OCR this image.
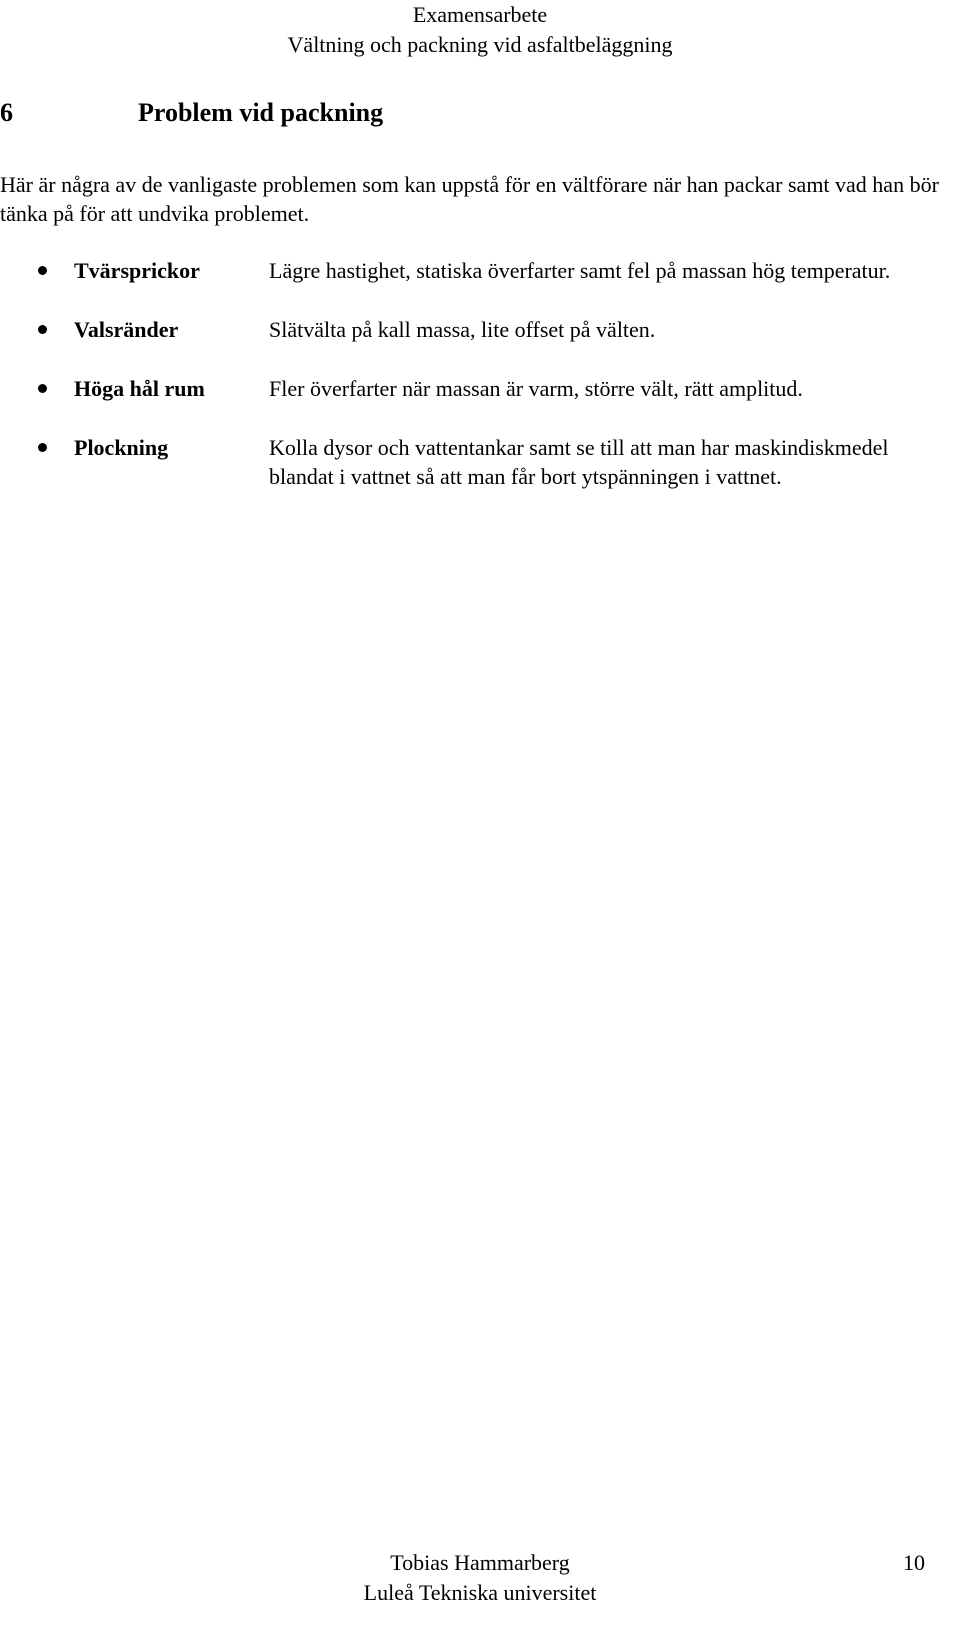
Examensarbete
Vältning och packning vid asfaltbeläggning
6	Problem vid packning

Här är några av de vanligaste problemen som kan uppstå för en vältförare när han packar samt vad han bör tänka på för att undvika problemet.

Tvärsprickor	Lägre hastighet, statiska överfarter samt fel på massan hög temperatur.
Valsränder	Slätvälta på kall massa, lite offset på välten.
Höga hål rum	Fler överfarter när massan är varm, större vält, rätt amplitud.
Plockning	Kolla dysor och vattentankar samt se till att man har maskindiskmedel blandat i vattnet så att man får bort ytspänningen i vattnet.
Tobias Hammarberg
Luleå Tekniska universitet
10
